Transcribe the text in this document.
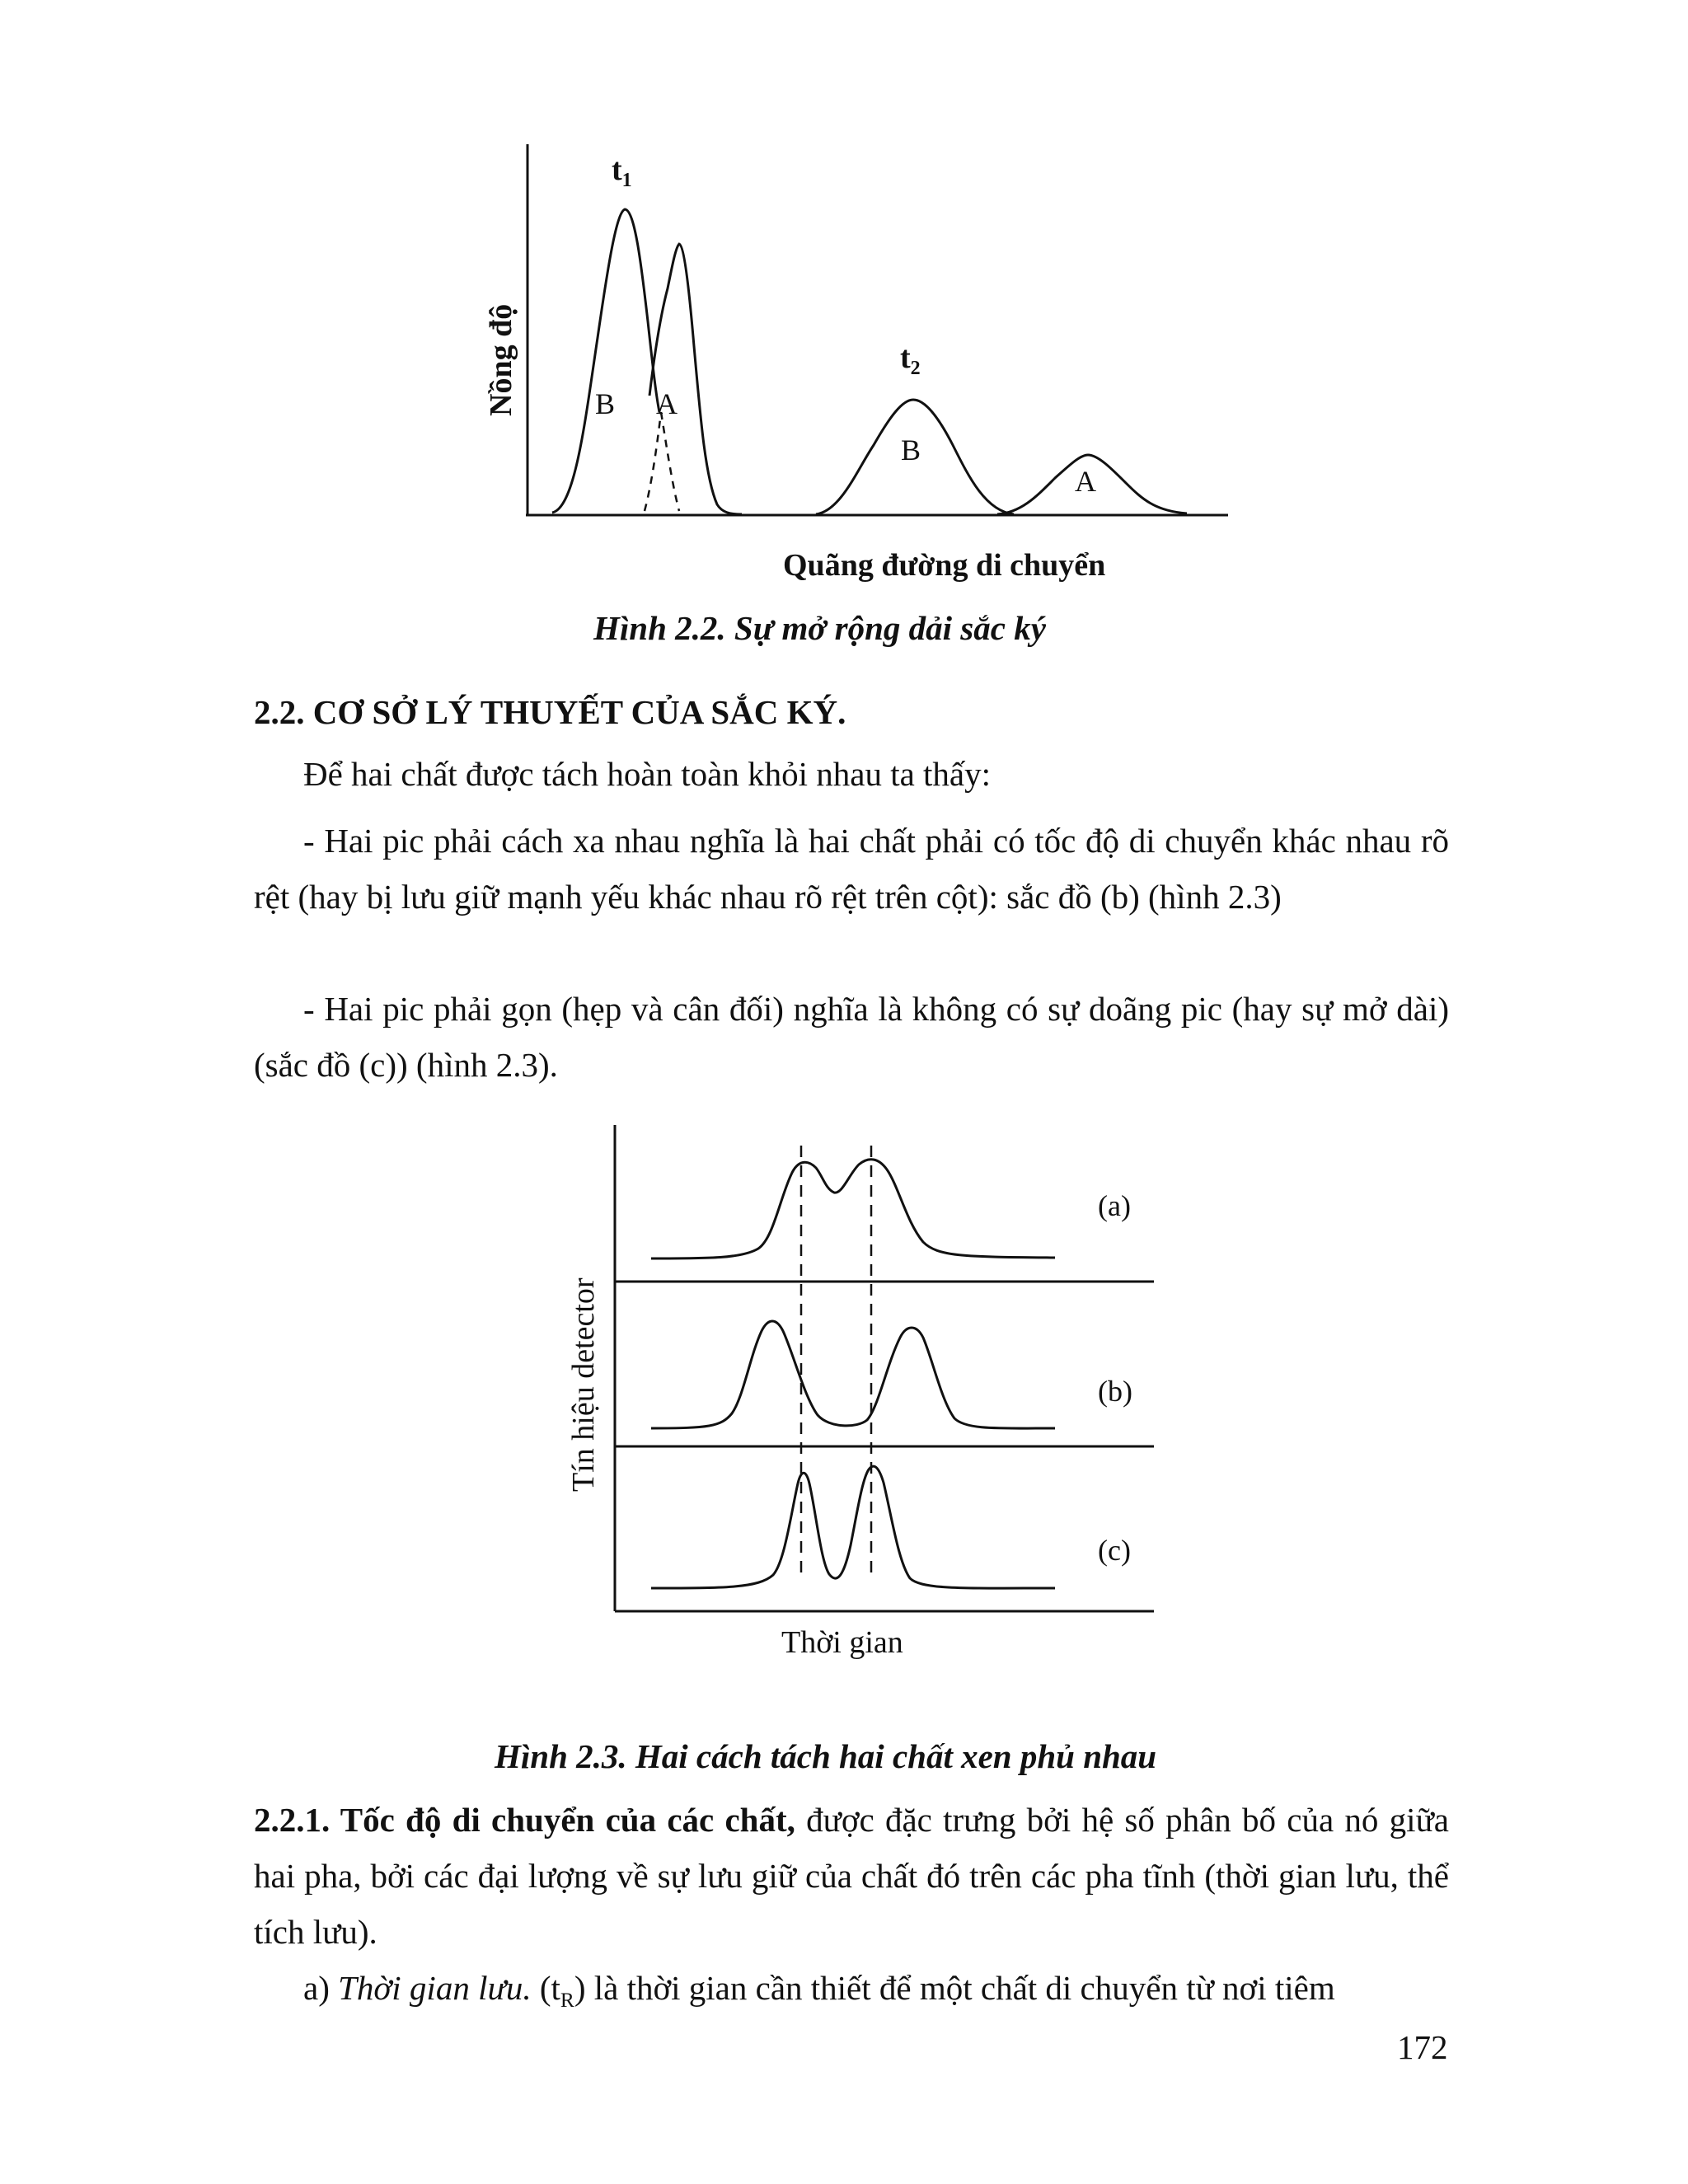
$t_1$
$t_2$
B A
B
A
Nồng độ
Quãng đường di chuyển
Hình 2.2. Sự mở rộng dải sắc ký
2.2. CƠ SỞ LÝ THUYẾT CỦA SẮC KÝ.
Để hai chất được tách hoàn toàn khỏi nhau ta thấy:
- Hai pic phải cách xa nhau nghĩa là hai chất phải có tốc độ di chuyển khác nhau rõ rệt (hay bị lưu giữ mạnh yếu khác nhau rõ rệt trên cột): sắc đồ (b) (hình 2.3)
- Hai pic phải gọn (hẹp và cân đối) nghĩa là không có sự doãng pic (hay sự mở dài) (sắc đồ (c)) (hình 2.3).
(a)
(b)
(c)
Tín hiệu detector
Thời gian
Hình 2.3. Hai cách tách hai chất xen phủ nhau
2.2.1. Tốc độ di chuyển của các chất, được đặc trưng bởi hệ số phân bố của nó giữa hai pha, bởi các đại lượng về sự lưu giữ của chất đó trên các pha tĩnh (thời gian lưu, thể tích lưu).
a) Thời gian lưu. $(t_R)$ là thời gian cần thiết để một chất di chuyển từ nơi tiêm
172
